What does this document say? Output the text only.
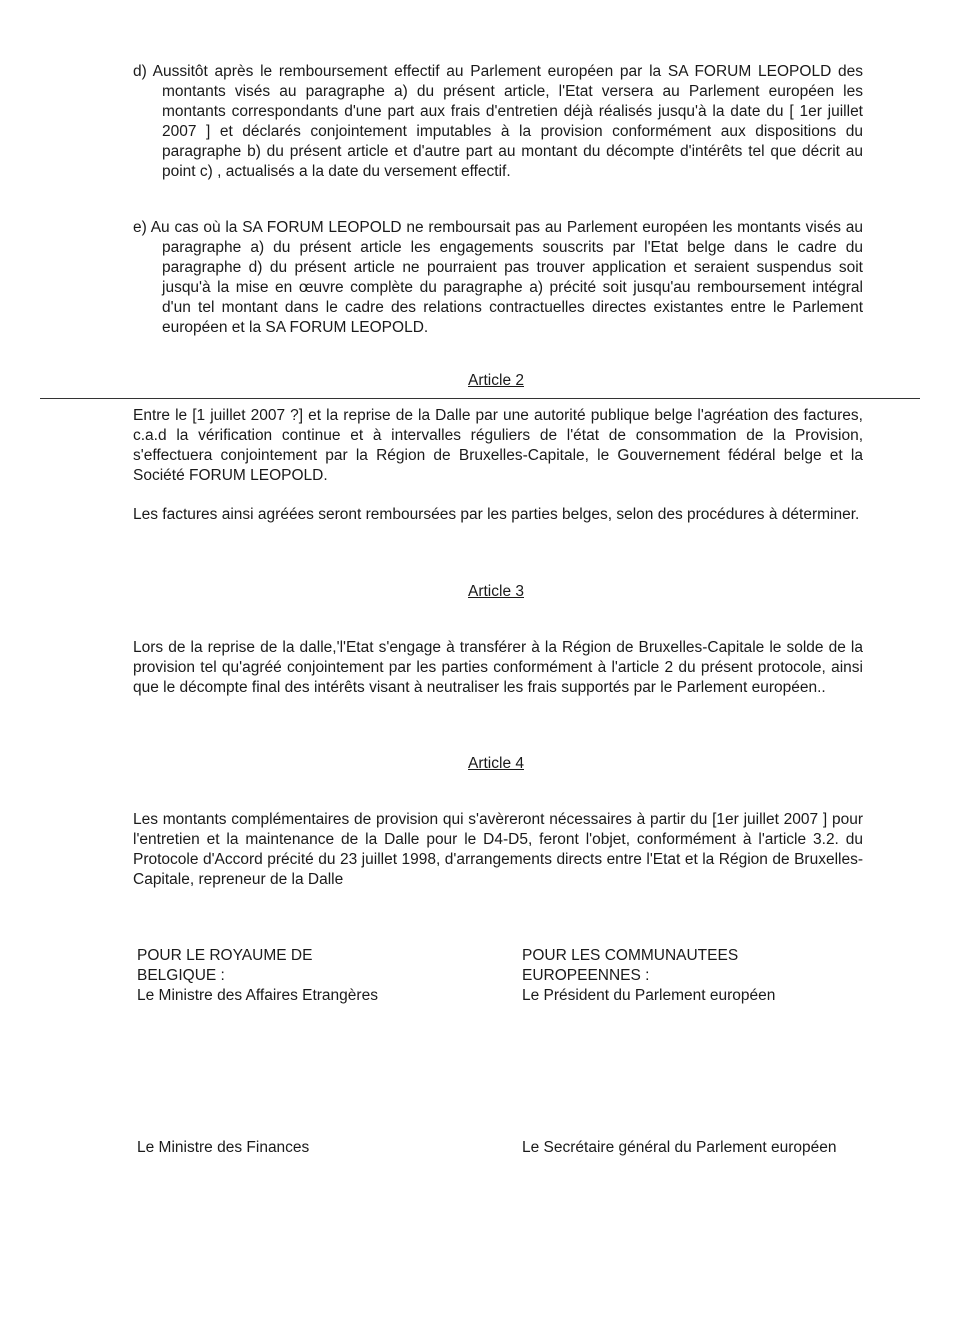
d) Aussitôt après le remboursement effectif au Parlement européen par la SA FORUM LEOPOLD des montants visés au paragraphe a) du présent article, l'Etat versera au Parlement européen les montants correspondants d'une part aux frais d'entretien déjà réalisés jusqu'à la date du [ 1er juillet 2007 ] et déclarés conjointement imputables à la provision conformément aux dispositions du paragraphe b) du présent article et d'autre part au montant du décompte d'intérêts tel que décrit au point c) , actualisés a la date du versement effectif.
e) Au cas où la SA FORUM LEOPOLD ne remboursait pas au Parlement européen les montants visés au paragraphe a) du présent article les engagements souscrits par l'Etat belge dans le cadre du paragraphe d) du présent article ne pourraient pas trouver application et seraient suspendus soit jusqu'à la mise en œuvre complète du paragraphe a) précité soit jusqu'au remboursement intégral d'un tel montant dans le cadre des relations contractuelles directes existantes entre le Parlement européen et la SA FORUM LEOPOLD.
Article 2
Entre le [1 juillet 2007 ?] et la reprise de la Dalle par une autorité publique belge l'agréation des factures, c.a.d la vérification continue et à intervalles réguliers de l'état de consommation de la Provision, s'effectuera conjointement par la Région de Bruxelles-Capitale, le Gouvernement fédéral belge et la Société FORUM LEOPOLD.
Les factures ainsi agréées seront remboursées par les parties belges, selon des procédures à déterminer.
Article 3
Lors de la reprise de la dalle,'l'Etat s'engage à transférer à la Région de Bruxelles-Capitale le solde de la provision tel qu'agréé conjointement par les parties conformément à l'article 2 du présent protocole, ainsi que le décompte final des intérêts visant à neutraliser les frais supportés par le Parlement européen..
Article 4
Les montants complémentaires de provision qui s'avèreront nécessaires à partir du [1er juillet 2007 ] pour l'entretien et la maintenance de la Dalle pour le D4-D5, feront l'objet, conformément à l'article 3.2. du Protocole d'Accord précité du 23 juillet 1998, d'arrangements directs entre l'Etat et la Région de Bruxelles-Capitale, repreneur de la Dalle
POUR LE ROYAUME DE
BELGIQUE :
Le Ministre des Affaires Etrangères
POUR LES COMMUNAUTEES
EUROPEENNES :
Le Président du Parlement européen
Le Ministre des Finances	Le Secrétaire général du Parlement européen
